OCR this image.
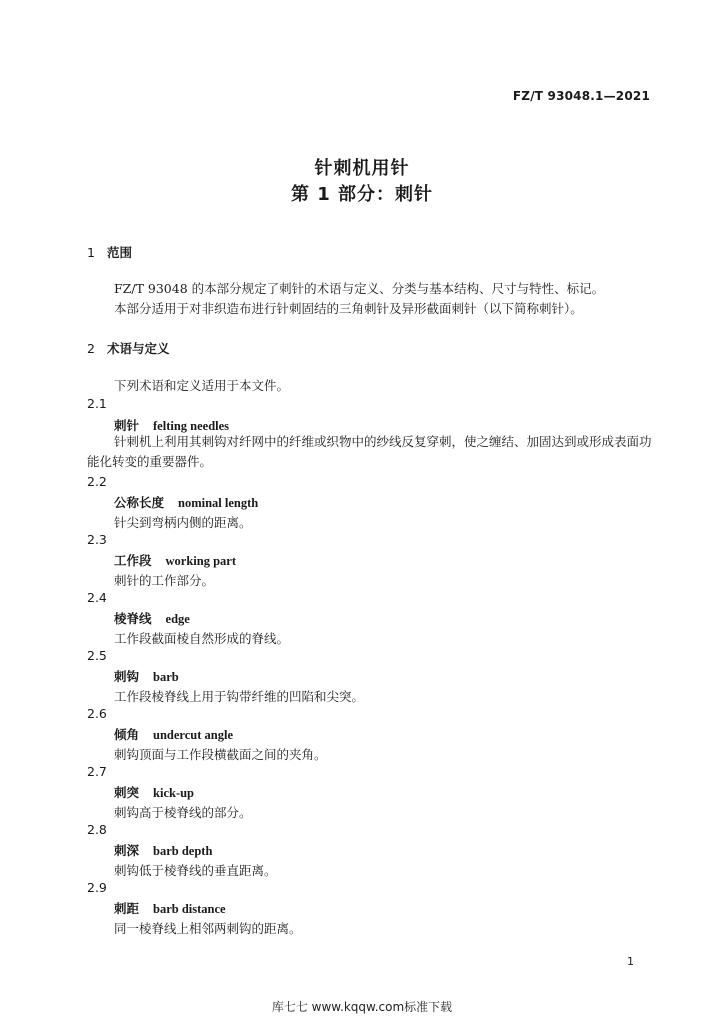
FZ/T 93048.1—2021
针刺机用针
第 1 部分：刺针
1 范围
FZ/T 93048 的本部分规定了刺针的术语与定义、分类与基本结构、尺寸与特性、标记。
本部分适用于对非织造布进行针刺固结的三角刺针及异形截面刺针（以下简称刺针）。
2 术语与定义
下列术语和定义适用于本文件。
2.1
刺针 felting needles
针刺机上利用其刺钩对纤网中的纤维或织物中的纱线反复穿刺，使之缠结、加固达到或形成表面功能化转变的重要器件。
2.2
公称长度 nominal length
针尖到弯柄内侧的距离。
2.3
工作段 working part
刺针的工作部分。
2.4
棱脊线 edge
工作段截面棱自然形成的脊线。
2.5
刺钩 barb
工作段棱脊线上用于钩带纤维的凹陷和尖突。
2.6
倾角 undercut angle
刺钩顶面与工作段横截面之间的夹角。
2.7
刺突 kick-up
刺钩高于棱脊线的部分。
2.8
刺深 barb depth
刺钩低于棱脊线的垂直距离。
2.9
刺距 barb distance
同一棱脊线上相邻两刺钩的距离。
1
库七七 www.kqqw.com标准下载
